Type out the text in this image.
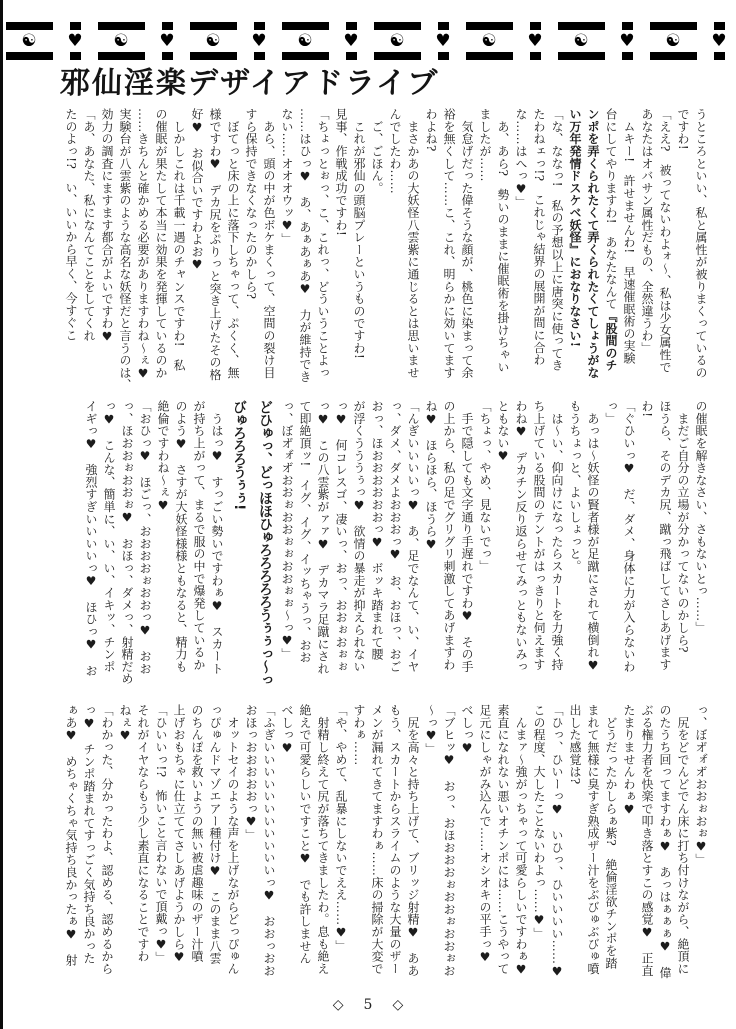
☯ ♥ ☯ ♥ ☯ ♥ ☯ ♥ ☯ ♥ ☯ ♥ ☯ ♥ ☯ ♥
邪仙淫楽デザイアドライブ

うところといい、私と属性が被りまくっているの

ですわ!

「ええ?　被ってないわよォ〜、私は少女属性で

あなたはオバサン属性だもの、全然違うわ」

　ムキー!　許せませんわ!　早速催眠術の実験

台にしてやりますわ!　あなたなんて『股間のチ

ンポを弄くられたくて弄くられたくてしょうがな

い万年発情ドスケベ妖怪』におなりなさい!

「な、ななっ!　私の予想以上に唐突に使ってき

たわねェっ!?　これじゃ結界の展開が間に合わ

な……はへっ♥」

　あ、あら?　勢いのままに催眠術を掛けちゃい

ましたが……

　気怠げだった偉そうな顔が、桃色に染まって余

裕を無くして……こ、これ、明らかに効いてます

わよね?

　まさかあの大妖怪八雲紫に通じるとは思いませ

んでしたわ……

　ご、ごほん。

　これが邪仙の頭脳プレーというものですわ!

見事、作戦成功ですわ!

「ちょっとぉっ、こ、これっ、どういうことよっ

……はひっ♥　あ、あぁあぁあ♥　力が維持でき

ない……オオオウッ♥」

　あら、頭の中が色ボケまくって、空間の裂け目

すら保持できなくなったのかしら?

　ぼてっと床の上に落下しちゃって、ぷくく、無

様ですわ♥　デカ尻をぷりっと突き上げたその格

好♥　お似合いですわよお♥

　しかしこれは千載一遇のチャンスですわ!　私

の催眠が果たして本当に効果を発揮しているのか

……きちんと確かめる必要がありますわね〜ぇ♥

実験台が八雲紫のような高名な妖怪だと言うのは、

効力の調査にますます都合がよいですわ♥

「あ、あなた、私になんてことをしてくれ

たのよっ!?　い、いいから早く、今すぐこ

の催眠を解きなさい、さもないとっ……」

　まだご自分の立場が分かってないのかしら?

ほうら、そのデカ尻、蹴っ飛ばしてさしあげます

わ!

「ぐひいっ♥　だ、ダメ、身体に力が入らないわ

っ」

　あっは〜妖怪の賢者様が足蹴にされて横倒れ♥

もうちょっと、よいしょっと。

　は〜い、仰向けになったらスカートを力強く持

ち上げている股間のテントがはっきりと伺えます

わね♥　デカチン反り返らせてみっともないみっ

ともない♥

「ちょっ、やめ、見ないでっ」

　手で隠しても文字通り手遅れですわ♥　その手

の上から、私の足でグリグリ刺激してあげますわ

ね♥　ほらほら、ほうら♥

「んぎいいいいっ♥　あ、足でなんて、い、イヤ

っ、ダメ、ダメよおおおっ♥　お、おほっ、おご

おっ、ほおおおおおおっ♥　ボッキ踏まれて腰

が浮くうううぅっ♥　欲情の暴走が抑えられない

っ♥　何コレスゴ、凄いっ、おっ、おおぉおぉぉ

っ♥　この八雲紫がァァ♥　デカマラ足蹴にされ

て即絶頂ッ!　イグ、イグ、イッちゃうっ、おお

っ、ぼオ゙ォ゙オ゙おおぉおおぉぉおおぉぉ〜っ♥」

どひゅっ、どっほほひゅろろろろろうぅぅっ〜っ

びゅろろろうぅぅ!

　うはっ♥　すっごい勢いですわぁ♥　スカート

が持ち上がって、まるで服の中で爆発しているか

のよう♥　さすが大妖怪様様ともなると、精力も

絶倫ですわね〜ぇ♥

「おひっ♥　ほごっ、おおおおぉおおっ♥　おお

っ、ほおおぉおおぉ♥　おほっ、ダメっ、射精だめ

っ♥　こんな、簡単に、い、い、イキッ、チンポ

イギっ♥　強烈すぎいいいいっ♥　ほひっ♥　お

っ、ぼオ゙ォ゙オ゙おおぉおぉ♥」

　尻をどでんどでん床に打ち付けながら、絶頂に

のたうち回ってますわぁ♥　あっはぁぁぁ♥　偉

ぶる権力者を快楽で叩き落とすこの感覚♥　正直

たまりませんわぁ♥

　どうだったかしらぁ紫?　絶倫淫欲チンポを踏

まれて無様に臭すぎ熟成ザー汁をぶびゅぶびゅ噴

出した感覚は?

「ひっ、ひいーっ♥　いひっ、ひいいいい……♥

この程度、大したことないわよっ……♥」

　んまァ〜強がっちゃって可愛らしいですわぁ♥

素直になれない悪いオチンポには……こうやって

足元にしゃがみ込んで……オシオキの平手っ♥

べしっ♥

「ブヒッ♥　おっ、おほおおおぉおおぉおおぉお

〜っ♥」

　尻を高々と持ち上げて、ブリッジ射精♥　ああ

もう、スカートからスライムのような大量のザー

メンが漏れてきてますわぁ……床の掃除が大変で

すわぁ……

「や、やめて、乱暴にしないでええ……♥」

　射精し終えて尻が落ちてきましたわ。息も絶え

絶えで可愛らしいですこと♥　でも許しません

べしっ♥

「ふぎいいいいいいいいいいいっ♥　おおっおお

おほっおおおおおっ♥」

　オットセイのような声を上げながらどっぴゅん

っぴゅんドマゾエアー種付け♥　このまま八雲

のちんぽを救いようの無い被虐趣味のザー汁噴

上げおもちゃに仕立ててさしあげようかしら♥

「ひいいっ!?　怖いこと言わないで頂戴っ♥」

それがイヤならもう少し素直になることですわ

ねぇ♥

「わかった、分かったわよ、認める、認めるから

っ♥　チンポ踏まれてすっごく気持ち良かった

ぁあ♥　めちゃくちゃ気持ち良かったぁ♥　射

◇ 5 ◇
